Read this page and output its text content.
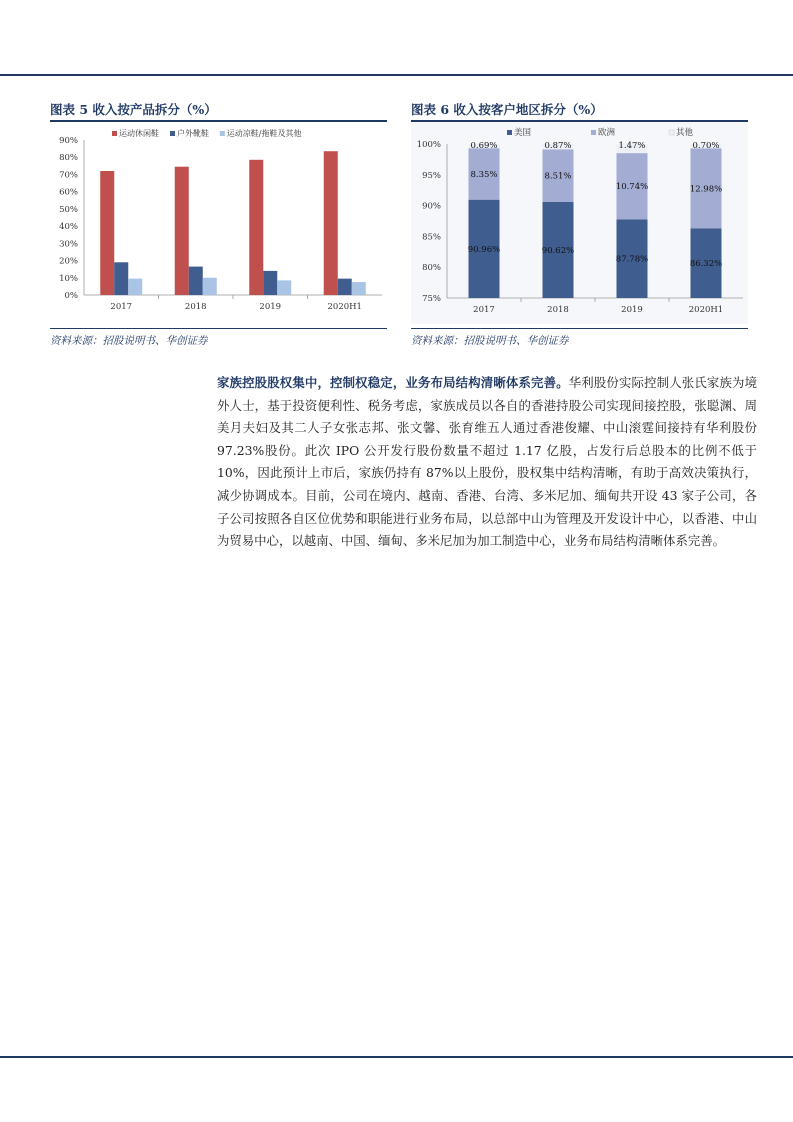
图表 5 收入按产品拆分（%）
0%
10%
20%
30%
40%
50%
60%
70%
80%
90%
2017	2018	2019	2020H1
运动休闲鞋 户外靴鞋 运动凉鞋/拖鞋及其他
资料来源：招股说明书、华创证券
图表 6 收入按客户地区拆分（%）
75%
80%
85%
90%
95%
100%
2017
90.96%
8.35%
0.69%
2018
90.62%
8.51%
0.87%
2019
87.78%
10.74%
1.47%
2020H1
86.32%
12.98%
0.70%
美国	欧洲	其他
资料来源：招股说明书、华创证券
家族控股股权集中，控制权稳定，业务布局结构清晰体系完善。华利股份实际控制人张氏家族为境外人士，基于投资便利性、税务考虑，家族成员以各自的香港持股公司实现间接控股，张聪渊、周美月夫妇及其二人子女张志邦、张文馨、张育维五人通过香港俊耀、中山滚霆间接持有华利股份 97.23%股份。此次 IPO 公开发行股份数量不超过 1.17 亿股，占发行后总股本的比例不低于 10%，因此预计上市后，家族仍持有 87%以上股份，股权集中结构清晰，有助于高效决策执行，减少协调成本。目前，公司在境内、越南、香港、台湾、多米尼加、缅甸共开设 43 家子公司，各子公司按照各自区位优势和职能进行业务布局，以总部中山为管理及开发设计中心，以香港、中山为贸易中心，以越南、中国、缅甸、多米尼加为加工制造中心，业务布局结构清晰体系完善。
